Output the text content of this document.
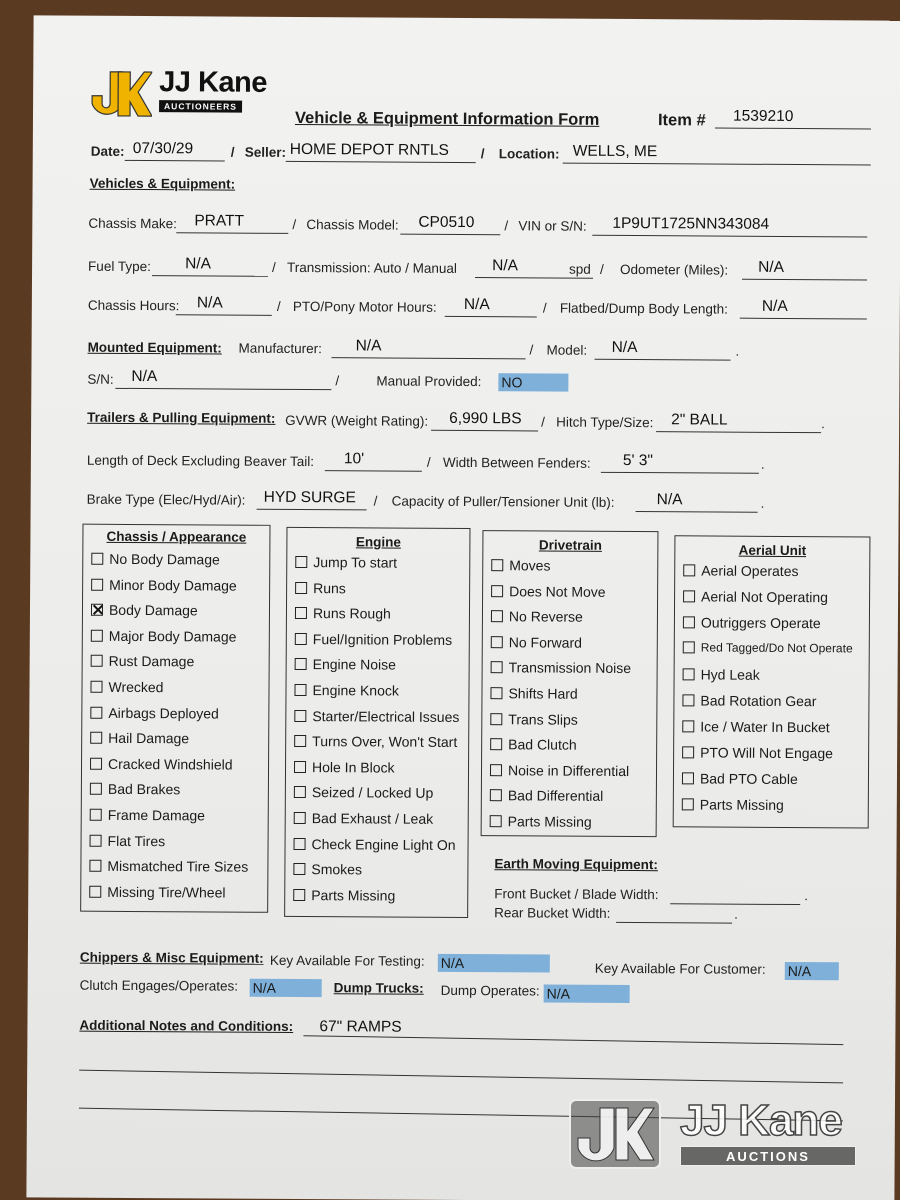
JJ Kane
AUCTIONEERS
Vehicle & Equipment Information Form	Item # 1539210
Date: 07/30/29	/ Seller: HOME DEPOT RNTLS / Location: WELLS, ME
Vehicles & Equipment:
Chassis Make: PRATT	/ Chassis Model: CP0510 / VIN or S/N: 1P9UT1725NN343084
Fuel Type: N/A	/ Transmission: Auto / Manual N/A	spd / Odometer (Miles): N/A
Chassis Hours: N/A	/ PTO/Pony Motor Hours: N/A	/ Flatbed/Dump Body Length: N/A
Mounted Equipment: Manufacturer: N/A	/ Model: N/A	.
S/N: N/A	/	Manual Provided: NO
Trailers & Pulling Equipment: GVWR (Weight Rating): 6,990 LBS / Hitch Type/Size: 2" BALL	.
Length of Deck Excluding Beaver Tail: 10'	/ Width Between Fenders: 5' 3"	.
Brake Type (Elec/Hyd/Air): HYD SURGE / Capacity of Puller/Tensioner Unit (lb):	N/A	.
Chassis / Appearance
No Body Damage
Minor Body Damage
Body Damage
Major Body Damage
Rust Damage
Wrecked
Airbags Deployed
Hail Damage
Cracked Windshield
Bad Brakes
Frame Damage
Flat Tires
Mismatched Tire Sizes
Missing Tire/Wheel
Engine
Jump To start
Runs
Runs Rough
Fuel/Ignition Problems
Engine Noise
Engine Knock
Starter/Electrical Issues
Turns Over, Won't Start
Hole In Block
Seized / Locked Up
Bad Exhaust / Leak
Check Engine Light On
Smokes
Parts Missing
Drivetrain
Moves
Does Not Move
No Reverse
No Forward
Transmission Noise
Shifts Hard
Trans Slips
Bad Clutch
Noise in Differential
Bad Differential
Parts Missing
Aerial Unit
Aerial Operates
Aerial Not Operating
Outriggers Operate
Red Tagged/Do Not Operate
Hyd Leak
Bad Rotation Gear
Ice / Water In Bucket
PTO Will Not Engage
Bad PTO Cable
Parts Missing
Earth Moving Equipment:
Front Bucket / Blade Width:	.
Rear Bucket Width:	.
Chippers & Misc Equipment: Key Available For Testing: N/A	Key Available For Customer: N/A
Clutch Engages/Operates: N/A	Dump Trucks: Dump Operates: N/A
Additional Notes and Conditions: 67" RAMPS
JJ Kane
AUCTIONS
